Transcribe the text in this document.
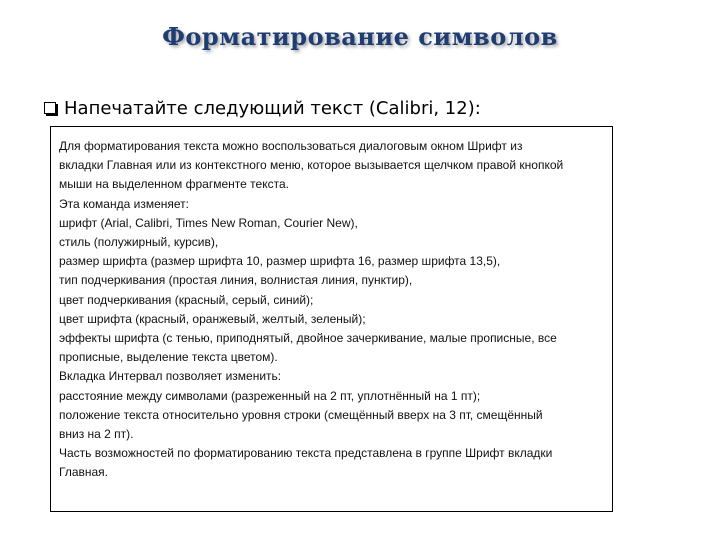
Форматирование символов
Напечатайте следующий текст (Calibri, 12):
Для форматирования текста можно воспользоваться диалоговым окном Шрифт из
вкладки Главная или из контекстного меню, которое вызывается щелчком правой кнопкой
мыши на выделенном фрагменте текста.
Эта команда изменяет:
шрифт (Arial, Calibri, Times New Roman, Courier New),
стиль (полужирный, курсив),
размер шрифта (размер шрифта 10, размер шрифта 16, размер шрифта 13,5),
тип подчеркивания (простая линия, волнистая линия, пунктир),
цвет подчеркивания (красный, серый, синий);
цвет шрифта (красный, оранжевый, желтый, зеленый);
эффекты шрифта (с тенью, приподнятый, двойное зачеркивание, малые прописные, все
прописные, выделение текста цветом).
Вкладка Интервал позволяет изменить:
расстояние между символами (разреженный на 2 пт, уплотнённый на 1 пт);
положение текста относительно уровня строки (смещённый вверх на 3 пт, смещённый
вниз на 2 пт).
Часть возможностей по форматированию текста представлена в группе Шрифт вкладки
Главная.
